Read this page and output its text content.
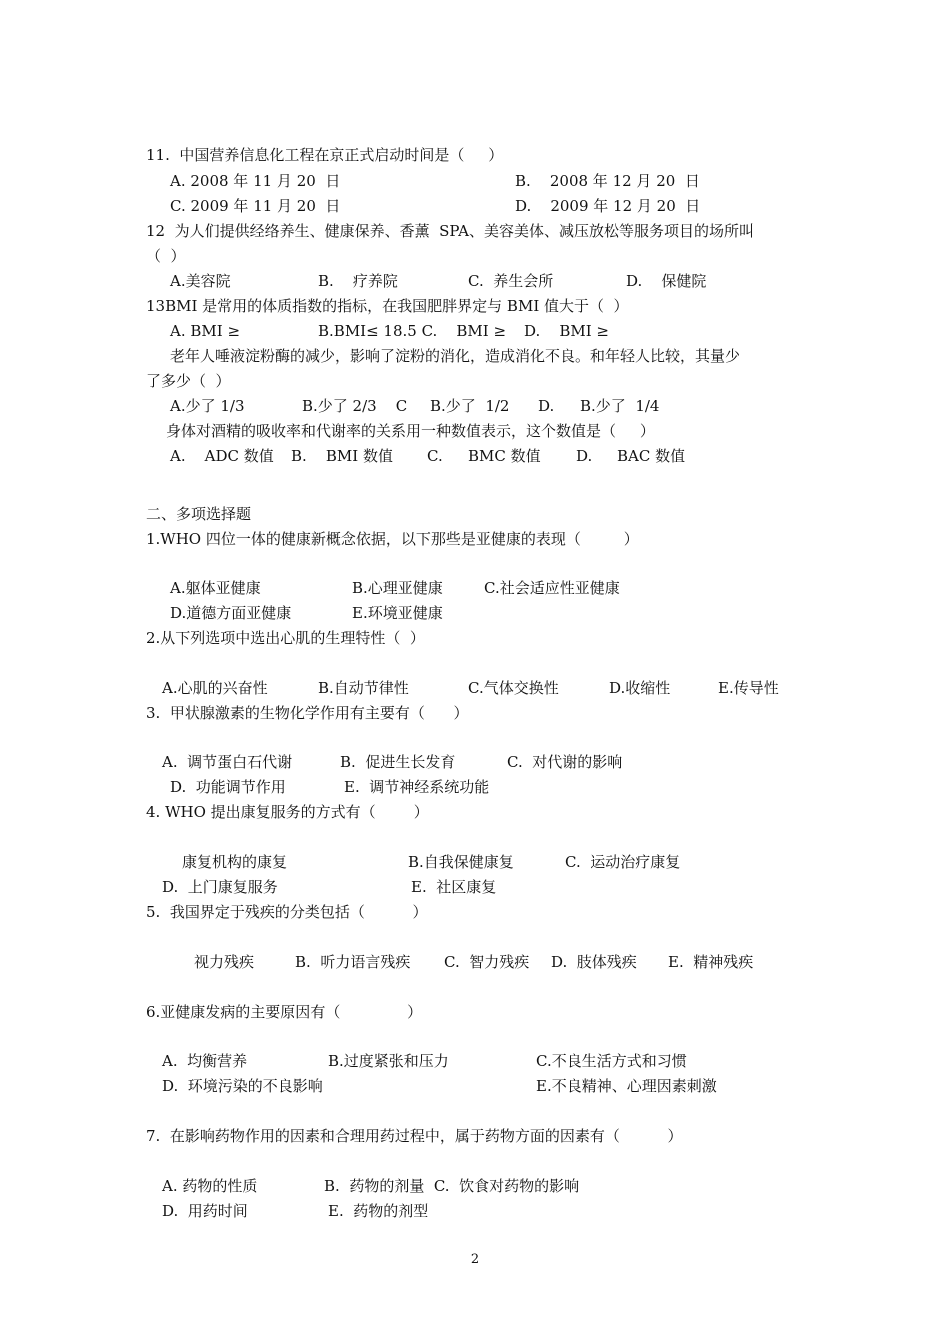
11.  中国营养信息化工程在京正式启动时间是（     ）

A. 2008 年 11 月 20  日

	B.    2008 年 12 月 20  日

C. 2009 年 11 月 20  日

	D.    2009 年 12 月 20  日

12  为人们提供经络养生、健康保养、香薰  SPA、美容美体、减压放松等服务项目的场所叫

（  ）

A.美容院

	B.    疗养院

	C.  养生会所

	D.    保健院

13BMI 是常用的体质指数的指标，在我国肥胖界定与 BMI 值大于（  ）

A. BMI ≥

	B.BMI≤ 18.5 C.    BMI ≥

D.    BMI ≥

老年人唾液淀粉酶的减少，影响了淀粉的消化，造成消化不良。和年轻人比较，其量少

了多少（  ）

A.少了 1/3

	B.少了 2/3    C

B.少了  1/2

D.

B.少了  1/4

身体对酒精的吸收率和代谢率的关系用一种数值表示，这个数值是（     ）

A.    ADC 数值

B.    BMI 数值

C.

BMC 数值

D.

BAC 数值

二、多项选择题

1.WHO 四位一体的健康新概念依据，以下那些是亚健康的表现（         ）

A.躯体亚健康

	B.心理亚健康

	C.社会适应性亚健康

D.道德方面亚健康

	E.环境亚健康

2.从下列选项中选出心肌的生理特性（  ）

A.心肌的兴奋性

	B.自动节律性

	C.气体交换性

	D.收缩性

	E.传导性

3.  甲状腺激素的生物化学作用有主要有（      ）

A.  调节蛋白石代谢

	B.  促进生长发育

	C.  对代谢的影响

D.  功能调节作用

	E.  调节神经系统功能

4. WHO 提出康复服务的方式有（        ）

康复机构的康复

	B.自我保健康复

	C.  运动治疗康复

D.  上门康复服务

	E.  社区康复

5.  我国界定于残疾的分类包括（          ）

视力残疾

	B.  听力语言残疾

C.  智力残疾

D.  肢体残疾

E.  精神残疾

6.亚健康发病的主要原因有（              ）

A.  均衡营养

	B.过度紧张和压力

	C.不良生活方式和习惯

D.  环境污染的不良影响

	E.不良精神、心理因素刺激

7.  在影响药物作用的因素和合理用药过程中，属于药物方面的因素有（          ）

A. 药物的性质

	B.  药物的剂量  C.  饮食对药物的影响

D.  用药时间

	E.  药物的剂型

2
